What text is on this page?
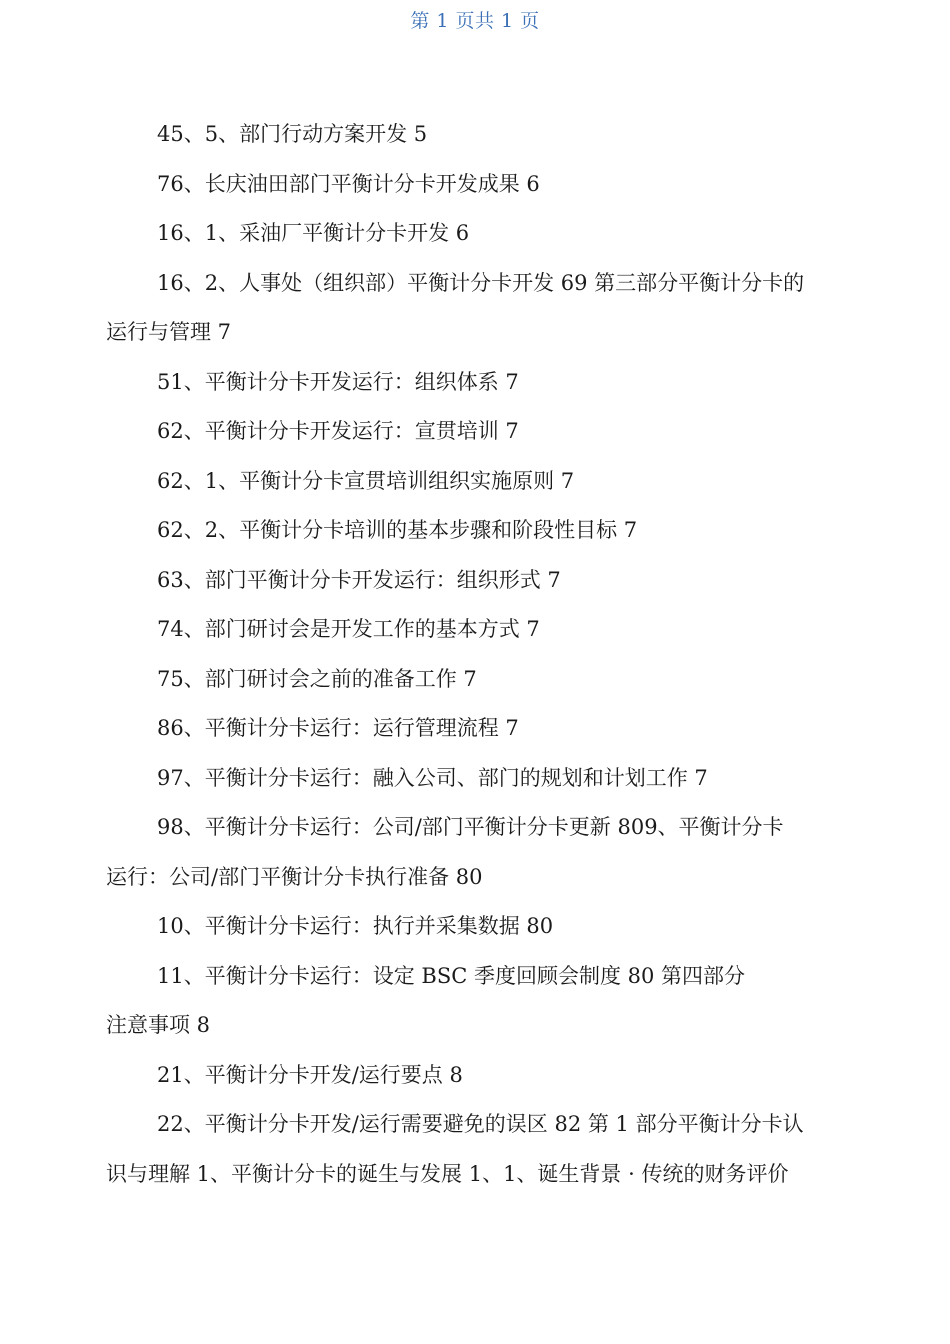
第 1 页共 1 页
45、5、部门行动方案开发 5
76、长庆油田部门平衡计分卡开发成果 6
16、1、采油厂平衡计分卡开发 6
16、2、人事处（组织部）平衡计分卡开发 69 第三部分平衡计分卡的
运行与管理 7
51、平衡计分卡开发运行：组织体系 7
62、平衡计分卡开发运行：宣贯培训 7
62、1、平衡计分卡宣贯培训组织实施原则 7
62、2、平衡计分卡培训的基本步骤和阶段性目标 7
63、部门平衡计分卡开发运行：组织形式 7
74、部门研讨会是开发工作的基本方式 7
75、部门研讨会之前的准备工作 7
86、平衡计分卡运行：运行管理流程 7
97、平衡计分卡运行：融入公司、部门的规划和计划工作 7
98、平衡计分卡运行：公司/部门平衡计分卡更新 809、平衡计分卡
运行：公司/部门平衡计分卡执行准备 80
10、平衡计分卡运行：执行并采集数据 80
11、平衡计分卡运行：设定 BSC 季度回顾会制度 80 第四部分
注意事项 8
21、平衡计分卡开发/运行要点 8
22、平衡计分卡开发/运行需要避免的误区 82 第 1 部分平衡计分卡认
识与理解 1、平衡计分卡的诞生与发展 1、1、诞生背景 · 传统的财务评价
